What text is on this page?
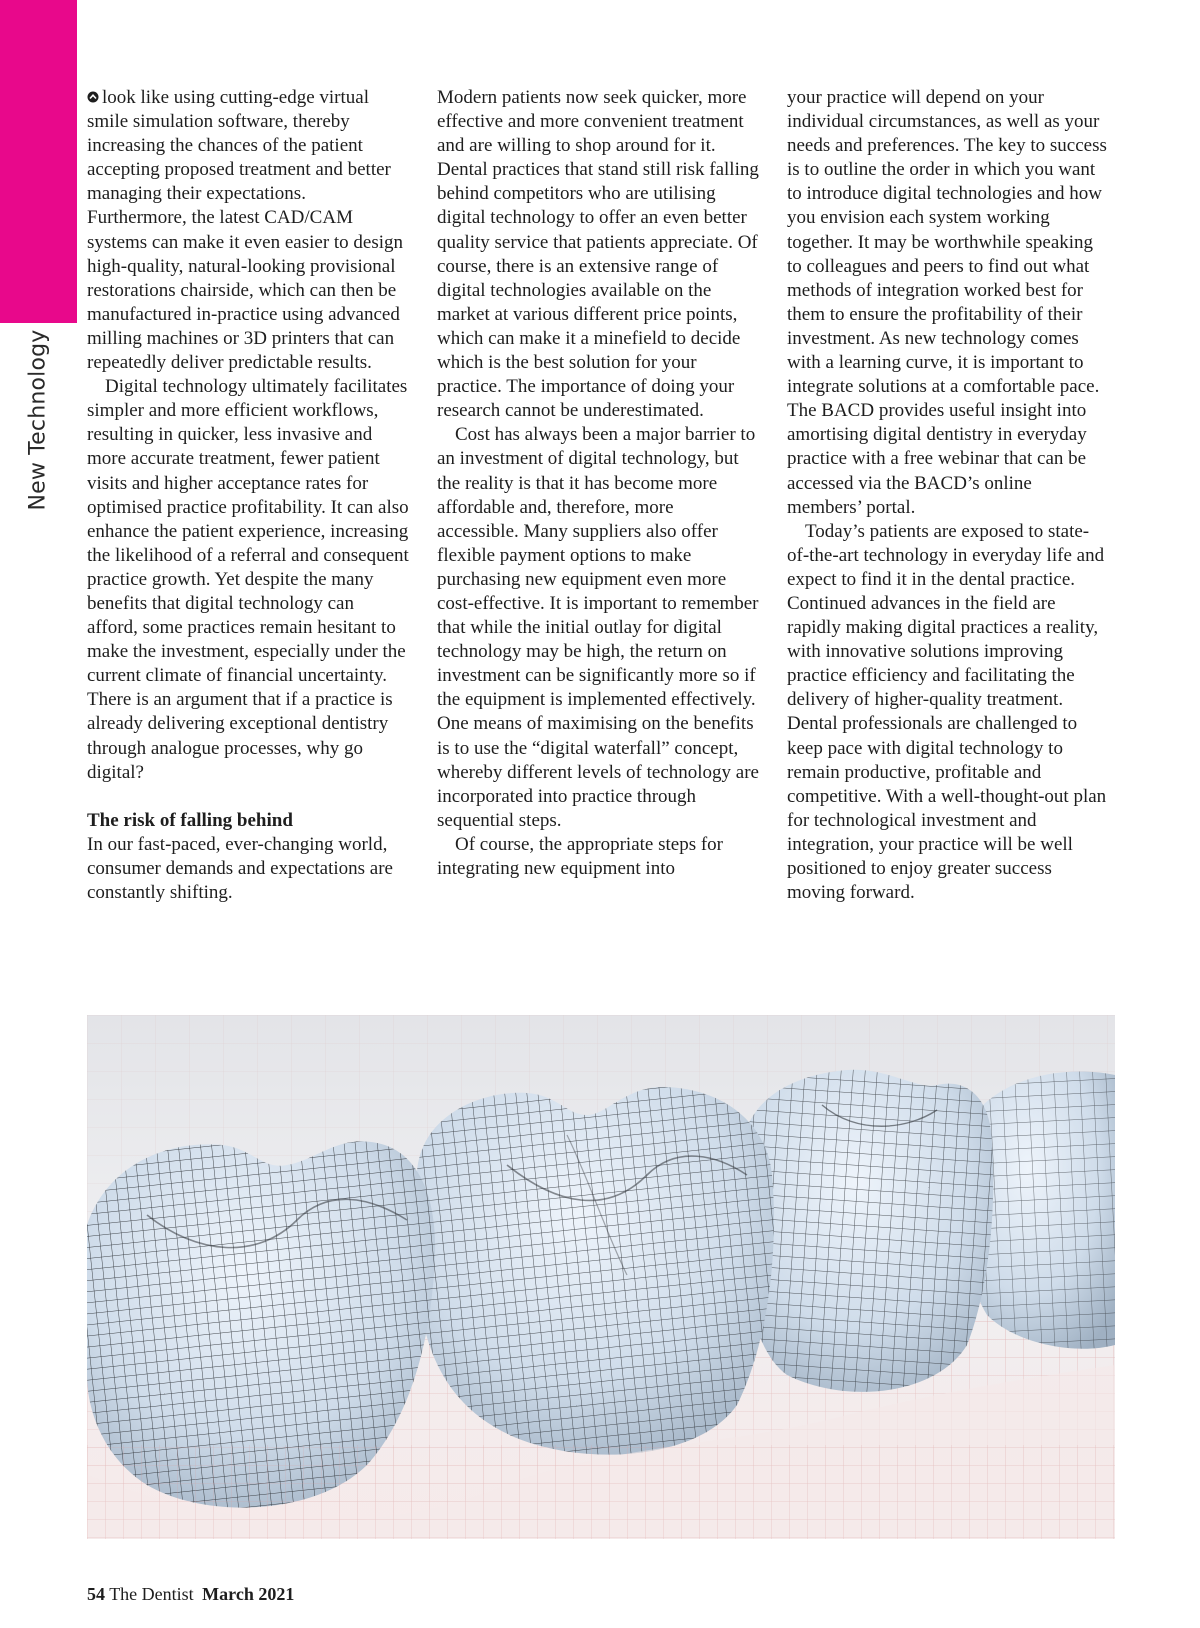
New Technology

look like using cutting-edge virtual smile simulation software, thereby increasing the chances of the patient accepting proposed treatment and better managing their expectations. Furthermore, the latest CAD/CAM systems can make it even easier to design high-quality, natural-looking provisional restorations chairside, which can then be manufactured in-practice using advanced milling machines or 3D printers that can repeatedly deliver predictable results.

Digital technology ultimately facilitates simpler and more efficient workflows, resulting in quicker, less invasive and more accurate treatment, fewer patient visits and higher acceptance rates for optimised practice profitability. It can also enhance the patient experience, increasing the likelihood of a referral and consequent practice growth. Yet despite the many benefits that digital technology can afford, some practices remain hesitant to make the investment, especially under the current climate of financial uncertainty. There is an argument that if a practice is already delivering exceptional dentistry through analogue processes, why go digital?

The risk of falling behind

In our fast-paced, ever-changing world, consumer demands and expectations are constantly shifting.

Modern patients now seek quicker, more effective and more convenient treatment and are willing to shop around for it. Dental practices that stand still risk falling behind competitors who are utilising digital technology to offer an even better quality service that patients appreciate. Of course, there is an extensive range of digital technologies available on the market at various different price points, which can make it a minefield to decide which is the best solution for your practice. The importance of doing your research cannot be underestimated.

Cost has always been a major barrier to an investment of digital technology, but the reality is that it has become more affordable and, therefore, more accessible. Many suppliers also offer flexible payment options to make purchasing new equipment even more cost-effective. It is important to remember that while the initial outlay for digital technology may be high, the return on investment can be significantly more so if the equipment is implemented effectively. One means of maximising on the benefits is to use the “digital waterfall” concept, whereby different levels of technology are incorporated into practice through sequential steps.

Of course, the appropriate steps for integrating new equipment into

your practice will depend on your individual circumstances, as well as your needs and preferences. The key to success is to outline the order in which you want to introduce digital technologies and how you envision each system working together. It may be worthwhile speaking to colleagues and peers to find out what methods of integration worked best for them to ensure the profitability of their investment. As new technology comes with a learning curve, it is important to integrate solutions at a comfortable pace. The BACD provides useful insight into amortising digital dentistry in everyday practice with a free webinar that can be accessed via the BACD’s online members’ portal.

Today’s patients are exposed to state-of-the-art technology in everyday life and expect to find it in the dental practice. Continued advances in the field are rapidly making digital practices a reality, with innovative solutions improving practice efficiency and facilitating the delivery of higher-quality treatment. Dental professionals are challenged to keep pace with digital technology to remain productive, profitable and competitive. With a well-thought-out plan for technological investment and integration, your practice will be well positioned to enjoy greater success moving forward.

54 The Dentist March 2021
